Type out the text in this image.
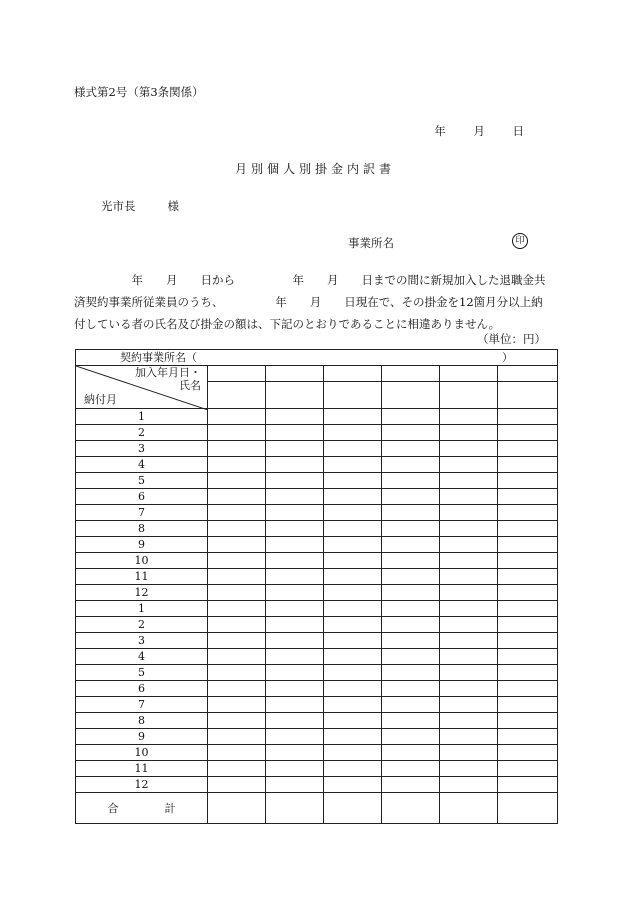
様式第2号（第3条関係）
年 月 日
月別個人別掛金内訳書
光市長	様
事業所名	印
　　　　　年　　月　　日から　　　　　年　　月　　日までの間に新規加入した退職金共
済契約事業所従業員のうち、　　　　　年　　月　　日現在で、その掛金を12箇月分以上納
付している者の氏名及び掛金の額は、下記のとおりであることに相違ありません。
（単位：円）
契約事業所名（ ）						

加入年月日・
氏名
納付月						

1						
2						
3						
4						
5						
6						
7						
8						
9						
10						
11						
12						
1						
2						
3						
4						
5						
6						
7						
8						
9						
10						
11						
12						
合 計						
